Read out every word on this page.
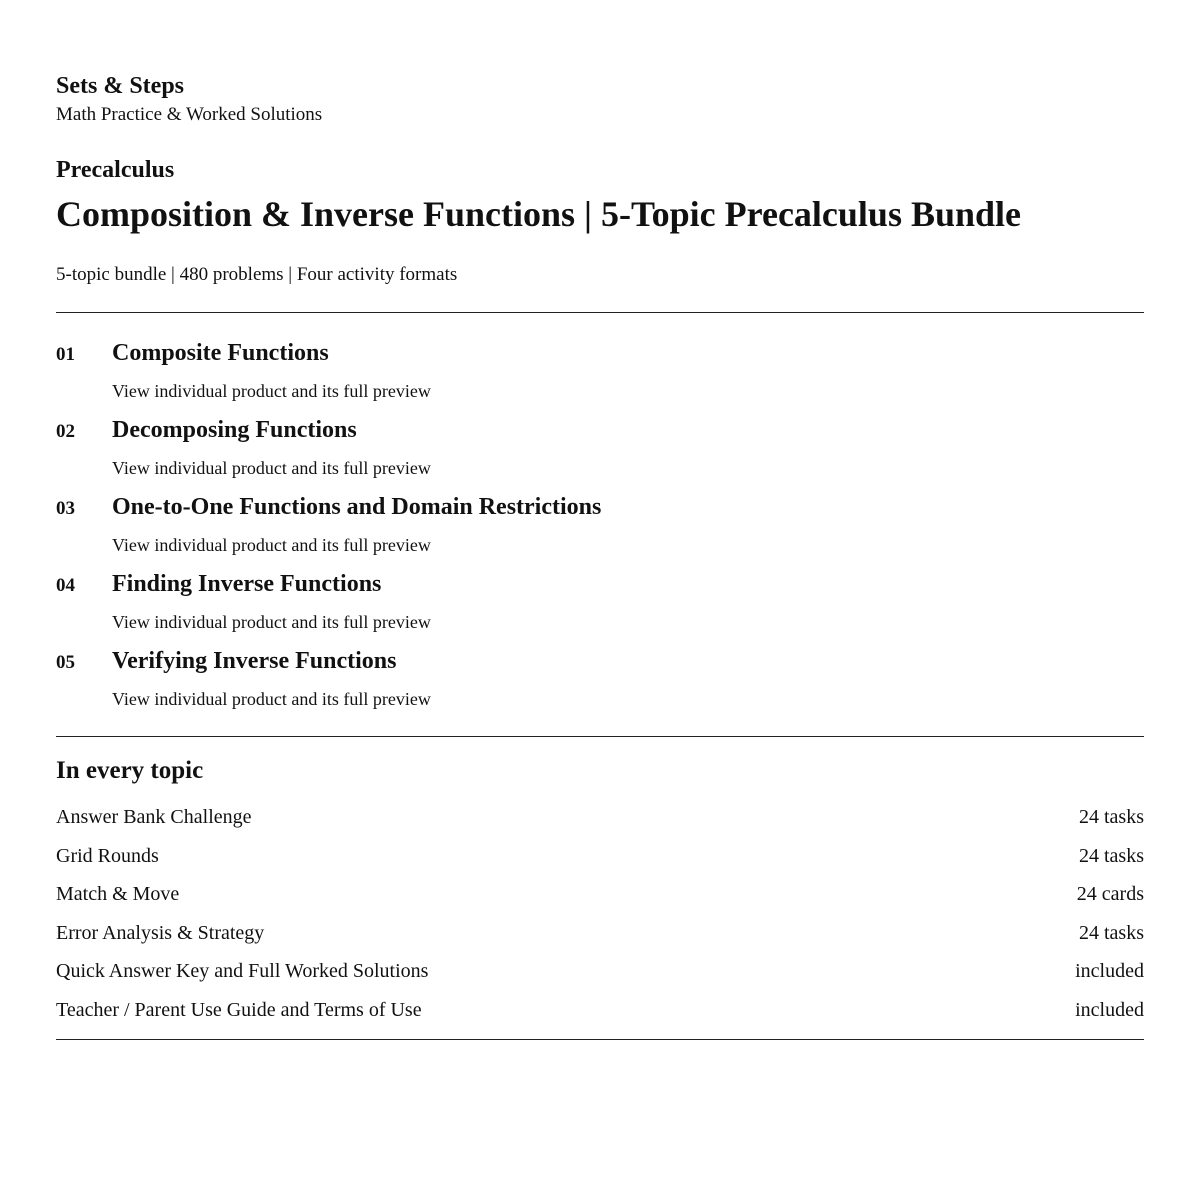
Sets & Steps

Math Practice & Worked Solutions

Precalculus

Composition & Inverse Functions | 5-Topic Precalculus Bundle

5-topic bundle | 480 problems | Four activity formats

01	Composite Functions
View individual product and its full preview
02	Decomposing Functions
View individual product and its full preview
03	One-to-One Functions and Domain Restrictions
View individual product and its full preview
04	Finding Inverse Functions
View individual product and its full preview
05	Verifying Inverse Functions
View individual product and its full preview
In every topic
Answer Bank Challenge	24 tasks
Grid Rounds	24 tasks
Match & Move	24 cards
Error Analysis & Strategy	24 tasks
Quick Answer Key and Full Worked Solutions	included
Teacher / Parent Use Guide and Terms of Use	included
